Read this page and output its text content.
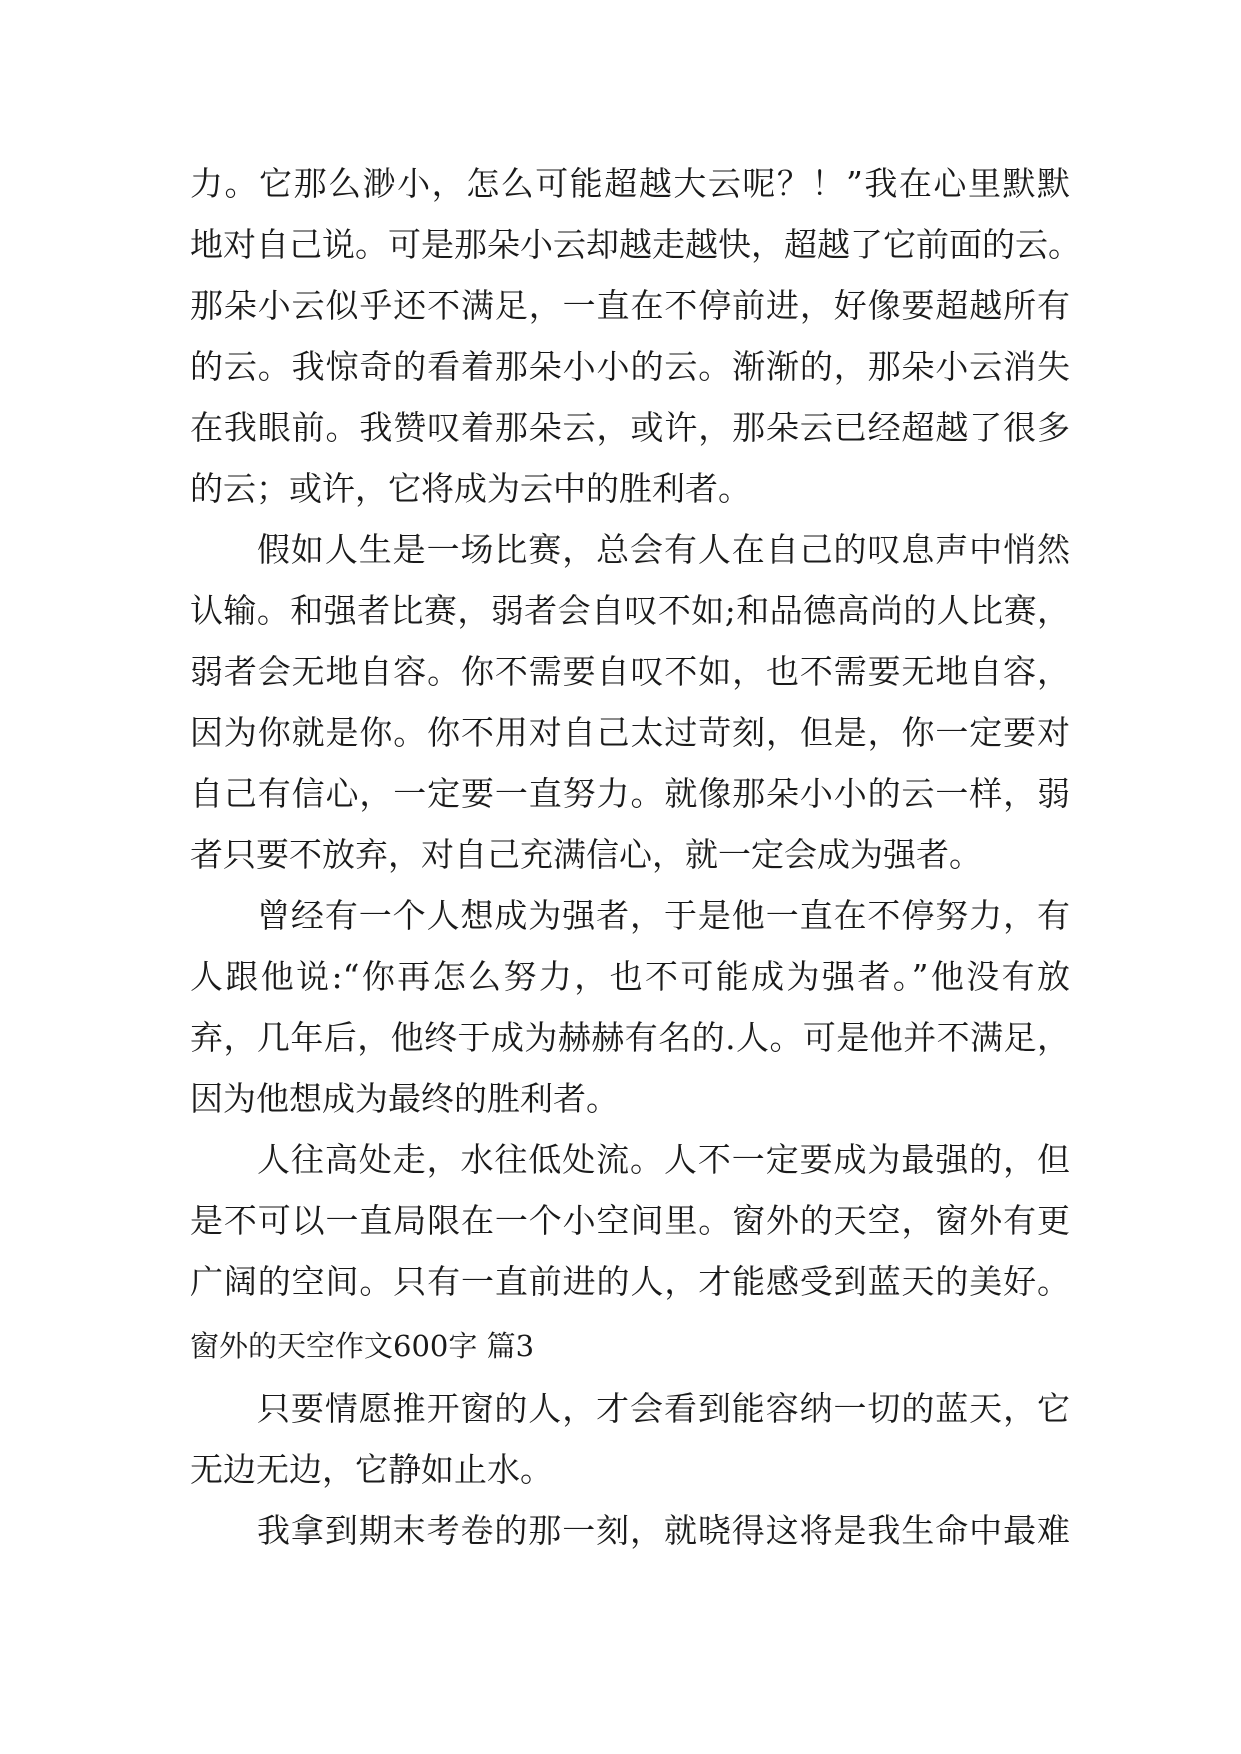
力。它那么渺小，怎么可能超越大云呢？！”我在心里默默
地对自己说。可是那朵小云却越走越快，超越了它前面的云。
那朵小云似乎还不满足，一直在不停前进，好像要超越所有
的云。我惊奇的看着那朵小小的云。渐渐的，那朵小云消失
在我眼前。我赞叹着那朵云，或许，那朵云已经超越了很多
的云；或许，它将成为云中的胜利者。
假如人生是一场比赛，总会有人在自己的叹息声中悄然
认输。和强者比赛，弱者会自叹不如;和品德高尚的人比赛，
弱者会无地自容。你不需要自叹不如，也不需要无地自容，
因为你就是你。你不用对自己太过苛刻，但是，你一定要对
自己有信心，一定要一直努力。就像那朵小小的云一样，弱
者只要不放弃，对自己充满信心，就一定会成为强者。
曾经有一个人想成为强者，于是他一直在不停努力，有
人跟他说:“你再怎么努力，也不可能成为强者。”他没有放
弃，几年后，他终于成为赫赫有名的.人。可是他并不满足，
因为他想成为最终的胜利者。
人往高处走，水往低处流。人不一定要成为最强的，但
是不可以一直局限在一个小空间里。窗外的天空，窗外有更
广阔的空间。只有一直前进的人，才能感受到蓝天的美好。
窗外的天空作文600字 篇3
只要情愿推开窗的人，才会看到能容纳一切的蓝天，它
无边无边，它静如止水。
我拿到期末考卷的那一刻，就晓得这将是我生命中最难
